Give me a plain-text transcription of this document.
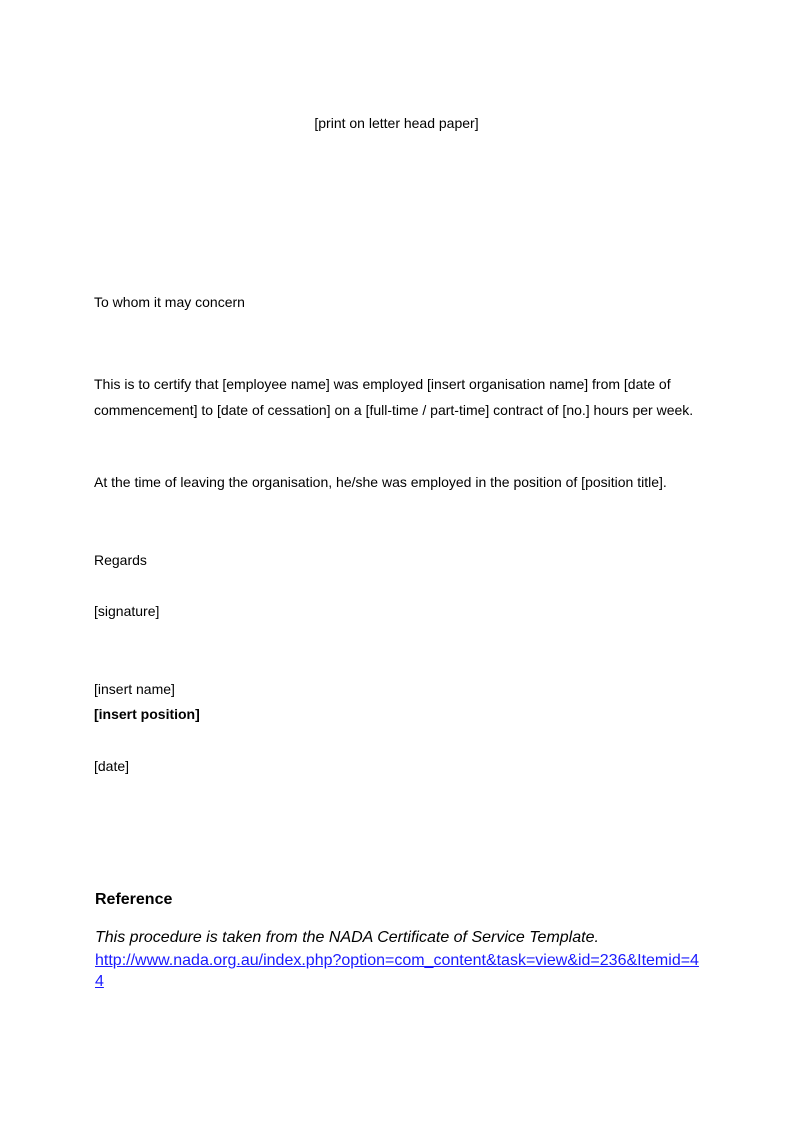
[print on letter head paper]
To whom it may concern
This is to certify that [employee name] was employed [insert organisation name] from [date of commencement] to [date of cessation] on a [full-time / part-time] contract of [no.] hours per week.
At the time of leaving the organisation, he/she was employed in the position of [position title].
Regards
[signature]
[insert name]
[insert position]
[date]
Reference
This procedure is taken from the NADA Certificate of Service Template.
http://www.nada.org.au/index.php?option=com_content&task=view&id=236&Itemid=44
